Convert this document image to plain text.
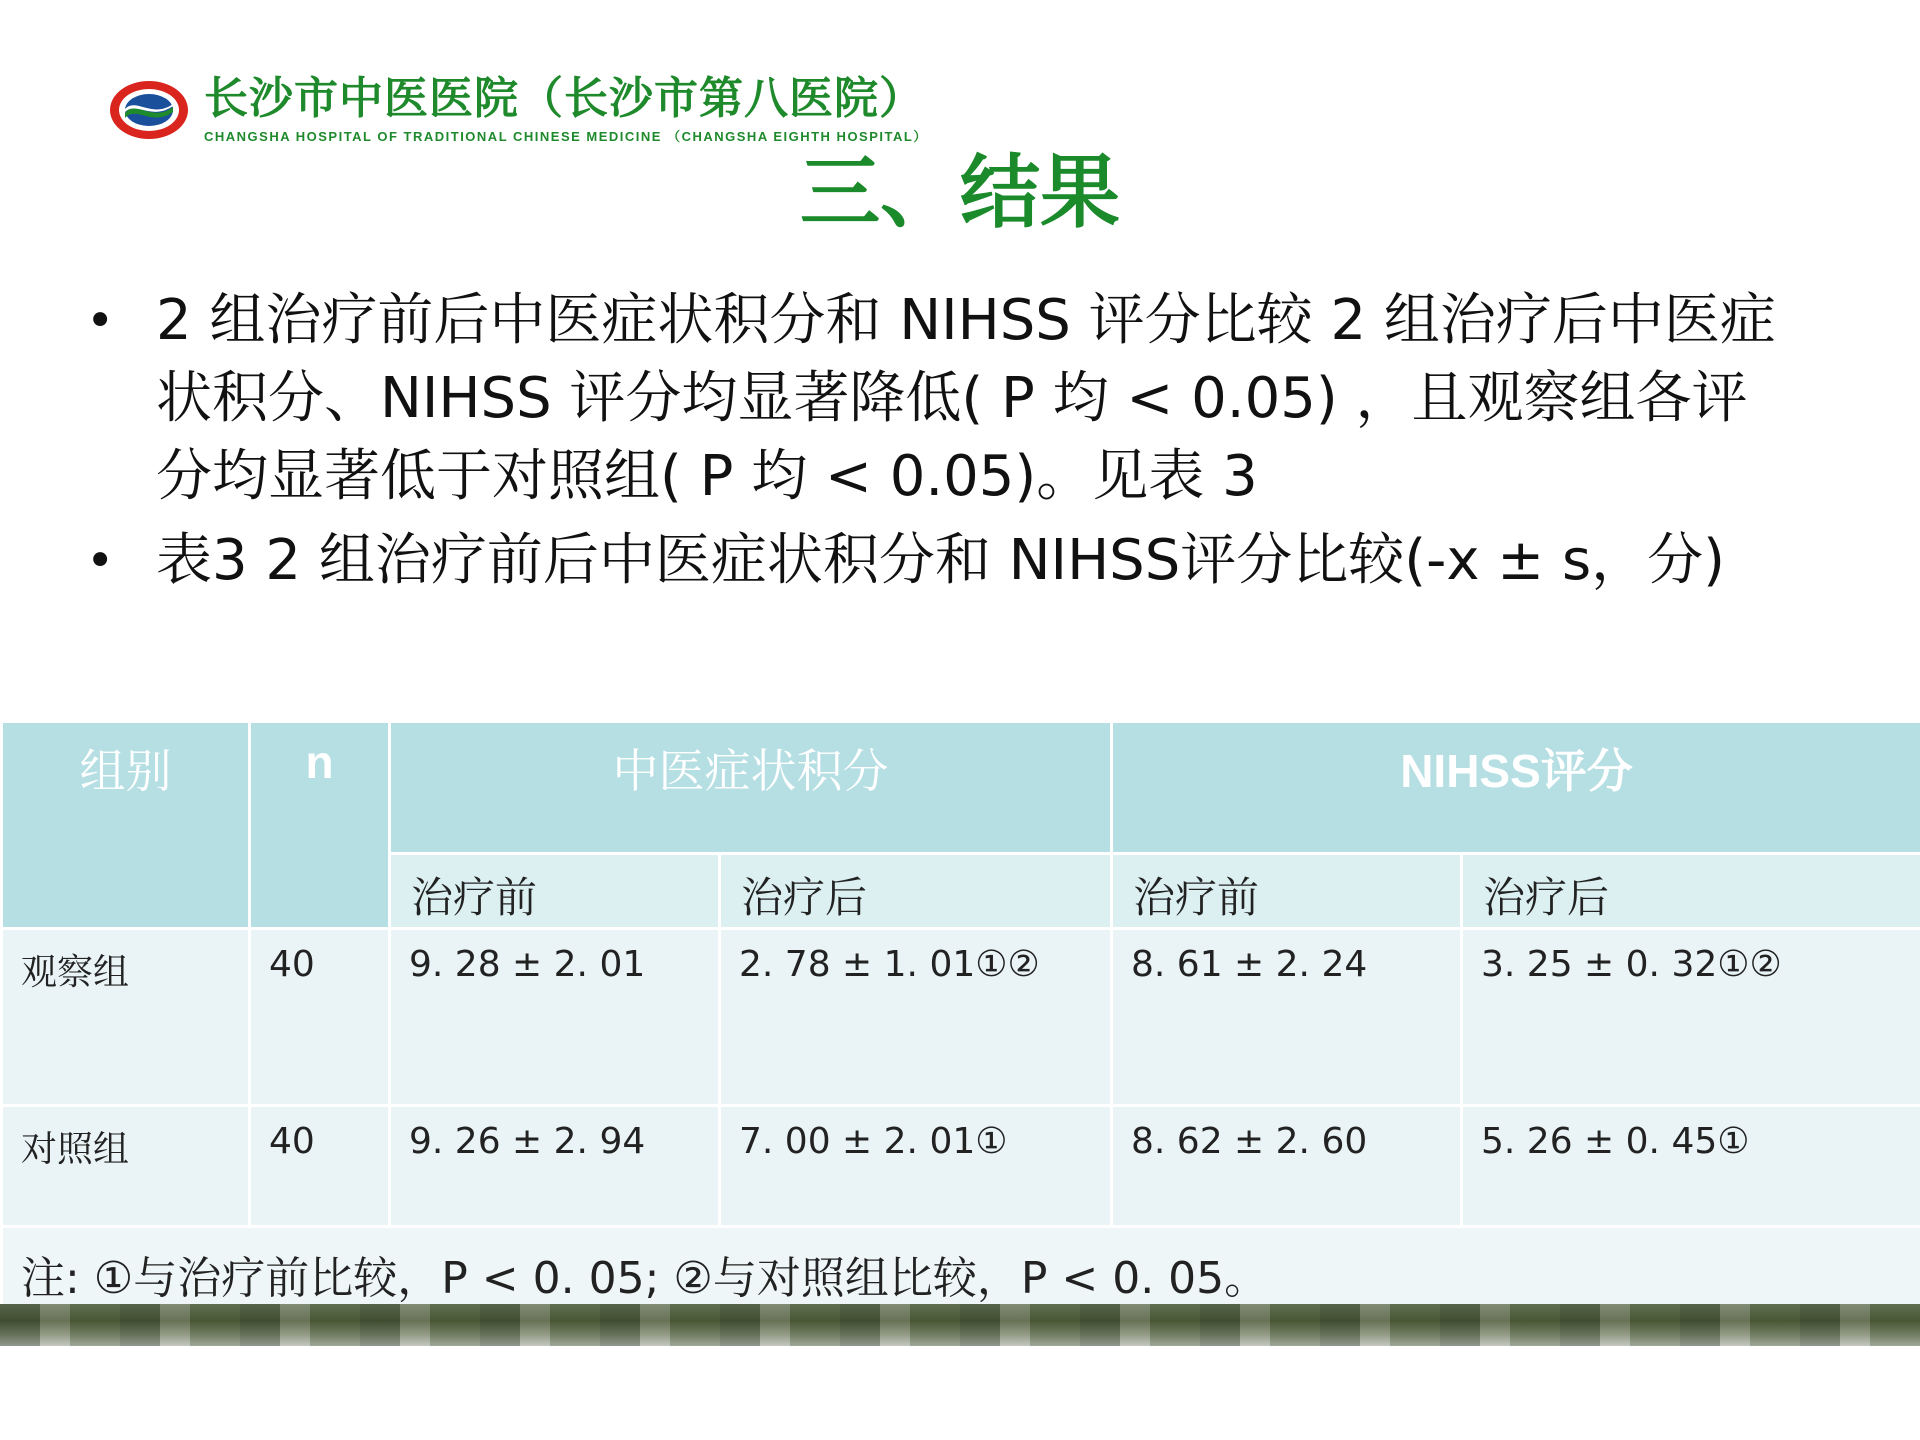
长沙市中医医院（长沙市第八医院）
CHANGSHA HOSPITAL OF TRADITIONAL CHINESE MEDICINE （CHANGSHA EIGHTH HOSPITAL）
三、结果
• 2 组治疗前后中医症状积分和 NIHSS 评分比较 2 组治疗后中医症状积分、NIHSS 评分均显著降低( P 均 < 0.05) ，且观察组各评分均显著低于对照组( P 均 < 0.05)。见表 3
• 表3 2 组治疗前后中医症状积分和 NIHSS评分比较(-x ± s，分)
组别	n	中医症状积分		NIHSS评分	
		治疗前	治疗后	治疗前	治疗后
观察组	40	9. 28 ± 2. 01	2. 78 ± 1. 01①②	8. 61 ± 2. 24	3. 25 ± 0. 32①②
对照组	40	9. 26 ± 2. 94	7. 00 ± 2. 01①	8. 62 ± 2. 60	5. 26 ± 0. 45①
注: ①与治疗前比较，P < 0. 05; ②与对照组比较，P < 0. 05。					
